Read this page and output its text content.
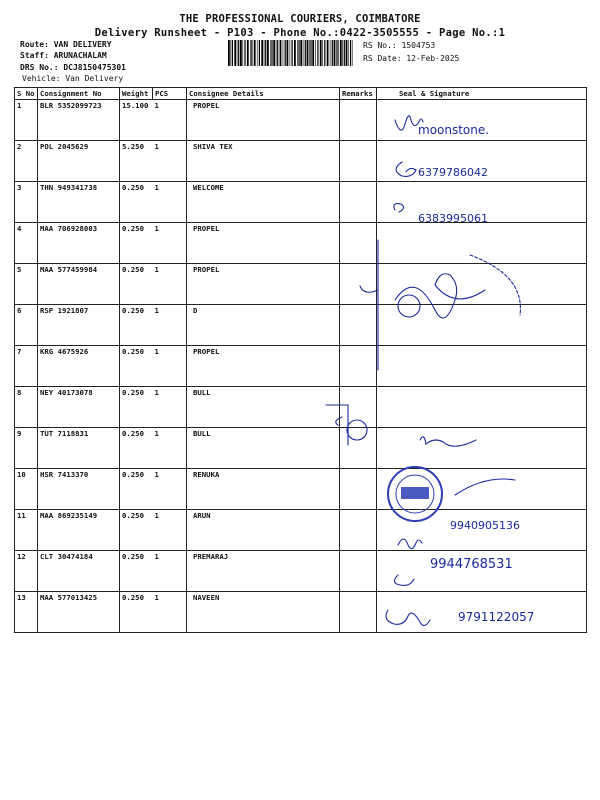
THE PROFESSIONAL COURIERS, COIMBATORE
Delivery Runsheet - P103 - Phone No.:0422-3505555 - Page No.:1
Route: VAN DELIVERY
Staff: ARUNACHALAM
DRS No.: DCJ8150475301
Vehicle: Van Delivery
RS No.: 1504753
RS Date: 12-Feb-2025
S No	Consignment No	Weight	PCS	Consignee Details	Remarks	Seal & Signature
1	BLR 5352099723	15.100	1	PROPEL		
2	POL 2045629	5.250	1	SHIVA TEX		
3	THN 949341738	0.250	1	WELCOME		
4	MAA 706928003	0.250	1	PROPEL		
5	MAA 577459984	0.250	1	PROPEL		
6	RSP 1921807	0.250	1	D		
7	KRG 4675926	0.250	1	PROPEL		
8	NEY 40173078	0.250	1	BULL		
9	TUT 7118831	0.250	1	BULL		
10	HSR 7413370	0.250	1	RENUKA		
11	MAA 869235149	0.250	1	ARUN		
12	CLT 30474184	0.250	1	PREMARAJ		
13	MAA 577013425	0.250	1	NAVEEN		
moonstone.
6379786042
6383995061
9940905136
9944768531
9791122057
